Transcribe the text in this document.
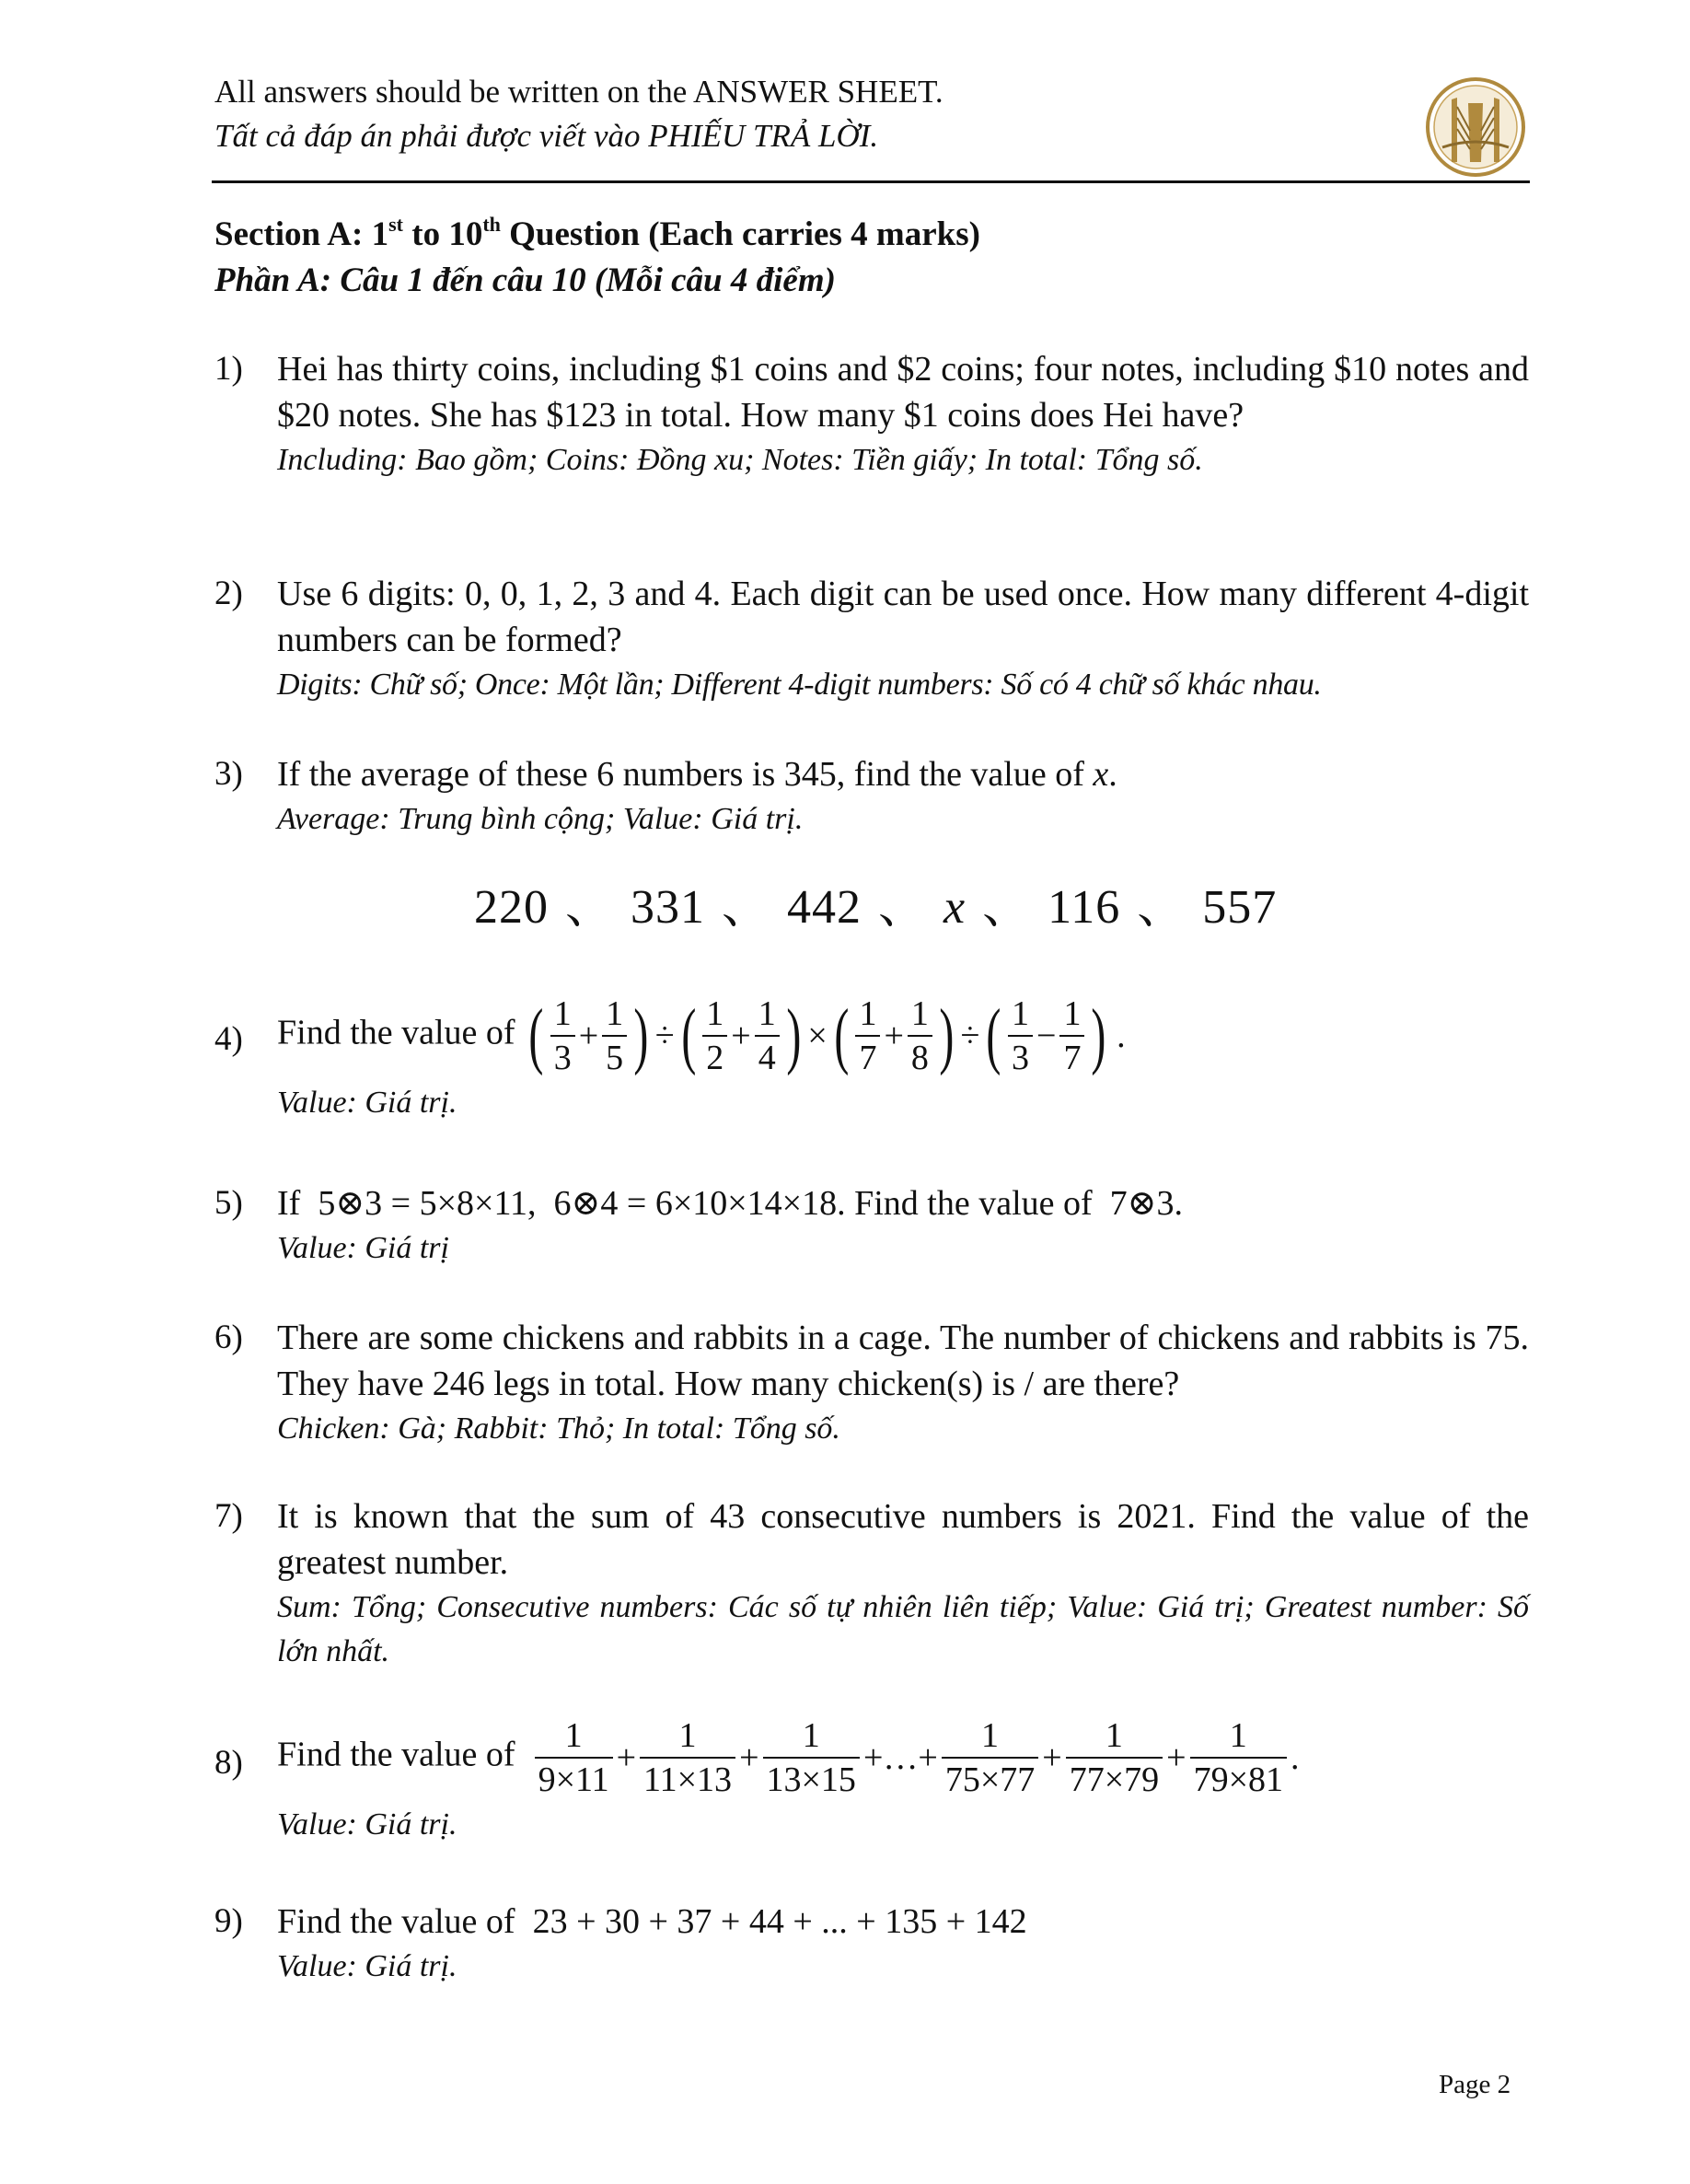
All answers should be written on the ANSWER SHEET.
Tất cả đáp án phải được viết vào PHIẾU TRẢ LỜI.
Section A: 1st to 10th Question (Each carries 4 marks)
Phần A: Câu 1 đến câu 10 (Mỗi câu 4 điểm)
1) Hei has thirty coins, including $1 coins and $2 coins; four notes, including $10 notes and $20 notes. She has $123 in total. How many $1 coins does Hei have?
Including: Bao gồm; Coins: Đồng xu; Notes: Tiền giấy; In total: Tổng số.
2) Use 6 digits: 0, 0, 1, 2, 3 and 4. Each digit can be used once. How many different 4-digit numbers can be formed?
Digits: Chữ số; Once: Một lần; Different 4-digit numbers: Số có 4 chữ số khác nhau.
3) If the average of these 6 numbers is 345, find the value of x.
Average: Trung bình cộng; Value: Giá trị.
220 、 331 、 442 、 x 、 116 、 557
4) Find the value of ( $\frac{1}{3} + \frac{1}{5}$ ) ÷( $\frac{1}{2} + \frac{1}{4}$ ) ×( $\frac{1}{7} + \frac{1}{8}$ ) ÷( $\frac{1}{3} - \frac{1}{7}$ ) .
Value: Giá trị.
5) If 5⊗3 = 5×8×11, 6⊗4 = 6×10×14×18. Find the value of 7⊗3.
Value: Giá trị
6) There are some chickens and rabbits in a cage. The number of chickens and rabbits is 75. They have 246 legs in total. How many chicken(s) is / are there?
Chicken: Gà; Rabbit: Thỏ; In total: Tổng số.
7) It is known that the sum of 43 consecutive numbers is 2021. Find the value of the greatest number.
Sum: Tổng; Consecutive numbers: Các số tự nhiên liên tiếp; Value: Giá trị; Greatest number: Số lớn nhất.
8) Find the value of $\frac{1}{9\times 11} + \frac{1}{11\times 13} + \frac{1}{13\times 15}$ +…+ $\frac{1}{75\times 77} + \frac{1}{77\times 79} + \frac{1}{79\times 81}$ .
Value: Giá trị.
9) Find the value of 23 + 30 + 37 + 44 + ... + 135 + 142
Value: Giá trị.
Page 2
